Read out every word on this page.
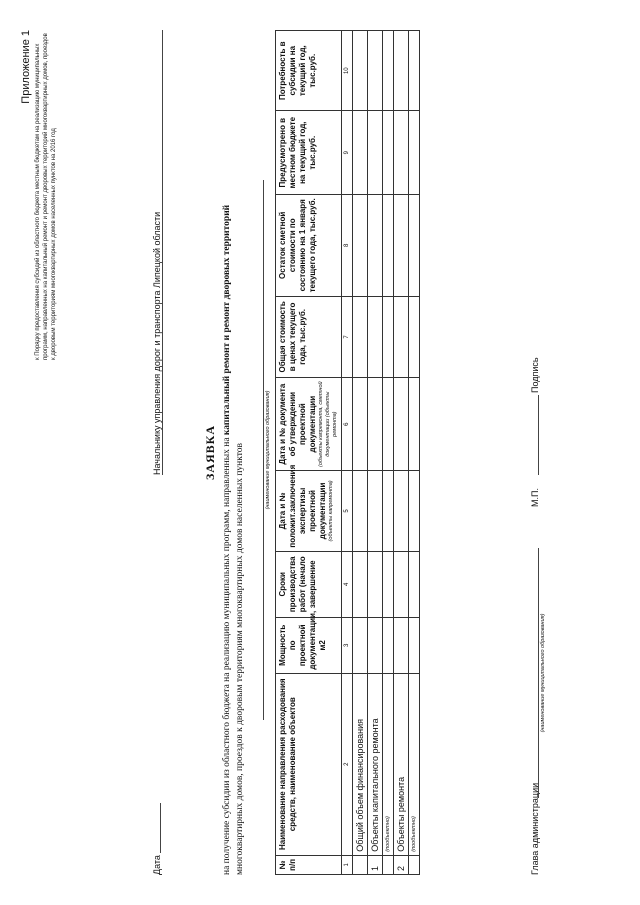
Приложение 1 к Порядку предоставления субсидий из областного бюджета местным бюджетам на реализацию муниципальных программ, направленных на капитальный ремонт и ремонт дворовых территорий многоквартирных домов, проездов к дворовым территориям многоквартирных домов населенных пунктов на 2016 год	Начальнику управления дорог и транспорта Липецкой области
Дата
ЗАЯВКА на получение субсидии из областного бюджета на реализацию муниципальных программ, направленных на капитальный ремонт и ремонт дворовых территорий
многоквартирных домов, проездов к дворовым территориям многоквартирных домов населенных пунктов	(наименование муниципального образования)
№ п/п	Наименование направления расходования средств, наименование объектов	Мощность по проектной документации, м2	Сроки производства работ (начало завершение	Дата и № положит.заключения экспертизы проектной документации (объекты капремонта)	Дата и № документа об утверждении проектной документации (объекты капремонта, сметной документации (объекты ремонта)	Общая стоимость в ценах текущего года, тыс.руб.	Остаток сметной стоимости по состоянию на 1 января текущего года, тыс.руб.	Предусмотрено в местном бюджете на текущий год, тыс.руб.	Потребность в субсидии на текущий год, тыс.руб.
1	2	3	4	5	6	7	8	9	10
	Общий объем финансирования								
1	Объекты капитального ремонта								
	(пообъектно)								
2	Объекты ремонта								
	(пообъектно)									Глава администрации
(наименование муниципального образования)
М.П.
Подпись
